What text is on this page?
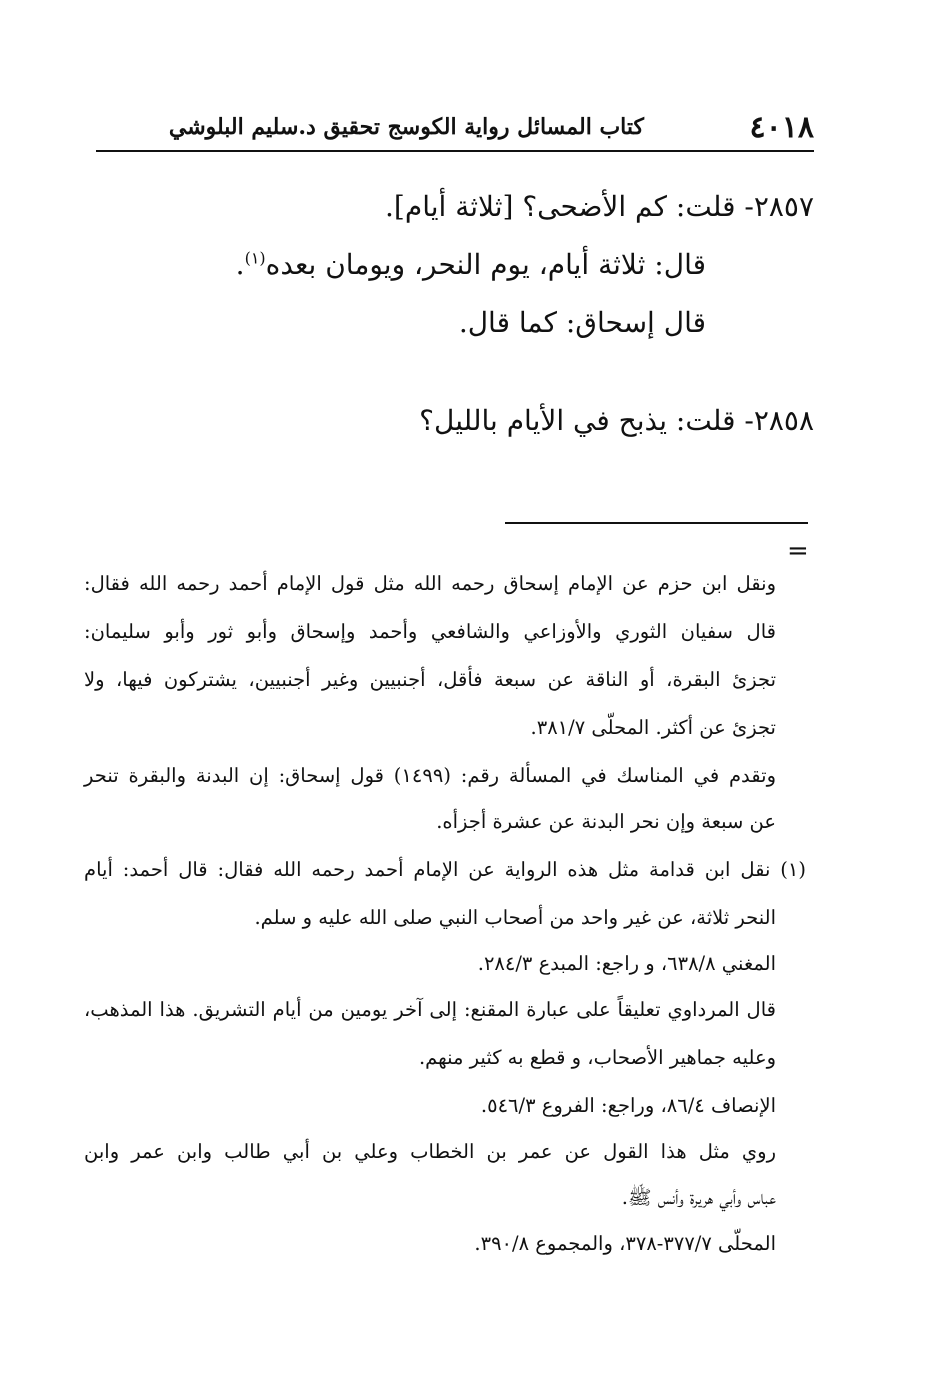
٤٠١٨
كتاب المسائل رواية الكوسج تحقيق د.سليم البلوشي
٢٨٥٧- قلت: كم الأضحى؟ [ثلاثة أيام].
قال: ثلاثة أيام، يوم النحر، ويومان بعده$^{(١)}$.
قال إسحاق: كما قال.
٢٨٥٨- قلت: يذبح في الأيام بالليل؟
=
ونقل ابن حزم عن الإمام إسحاق رحمه الله مثل قول الإمام أحمد رحمه الله فقال:
قال سفيان الثوري والأوزاعي والشافعي وأحمد وإسحاق وأبو ثور وأبو سليمان:
تجزئ البقرة، أو الناقة عن سبعة فأقل، أجنبيين وغير أجنبيين، يشتركون فيها، ولا
تجزئ عن أكثر. المحلّى ٣٨١/٧.
وتقدم في المناسك في المسألة رقم: (١٤٩٩) قول إسحاق: إن البدنة والبقرة تنحر
عن سبعة وإن نحر البدنة عن عشرة أجزأه.
(١) نقل ابن قدامة مثل هذه الرواية عن الإمام أحمد رحمه الله فقال: قال أحمد: أيام
النحر ثلاثة، عن غير واحد من أصحاب النبي صلى الله عليه و سلم.
المغني ٦٣٨/٨، و راجع: المبدع ٢٨٤/٣.
قال المرداوي تعليقاً على عبارة المقنع: إلى آخر يومين من أيام التشريق. هذا المذهب،
وعليه جماهير الأصحاب، و قطع به كثير منهم.
الإنصاف ٨٦/٤، وراجع: الفروع ٥٤٦/٣.
روي مثل هذا القول عن عمر بن الخطاب وعلي بن أبي طالب وابن عمر وابن
عباس وأبي هريرة وأنس ﷺ.
المحلّى ٣٧٧/٧-٣٧٨، والمجموع ٣٩٠/٨.
